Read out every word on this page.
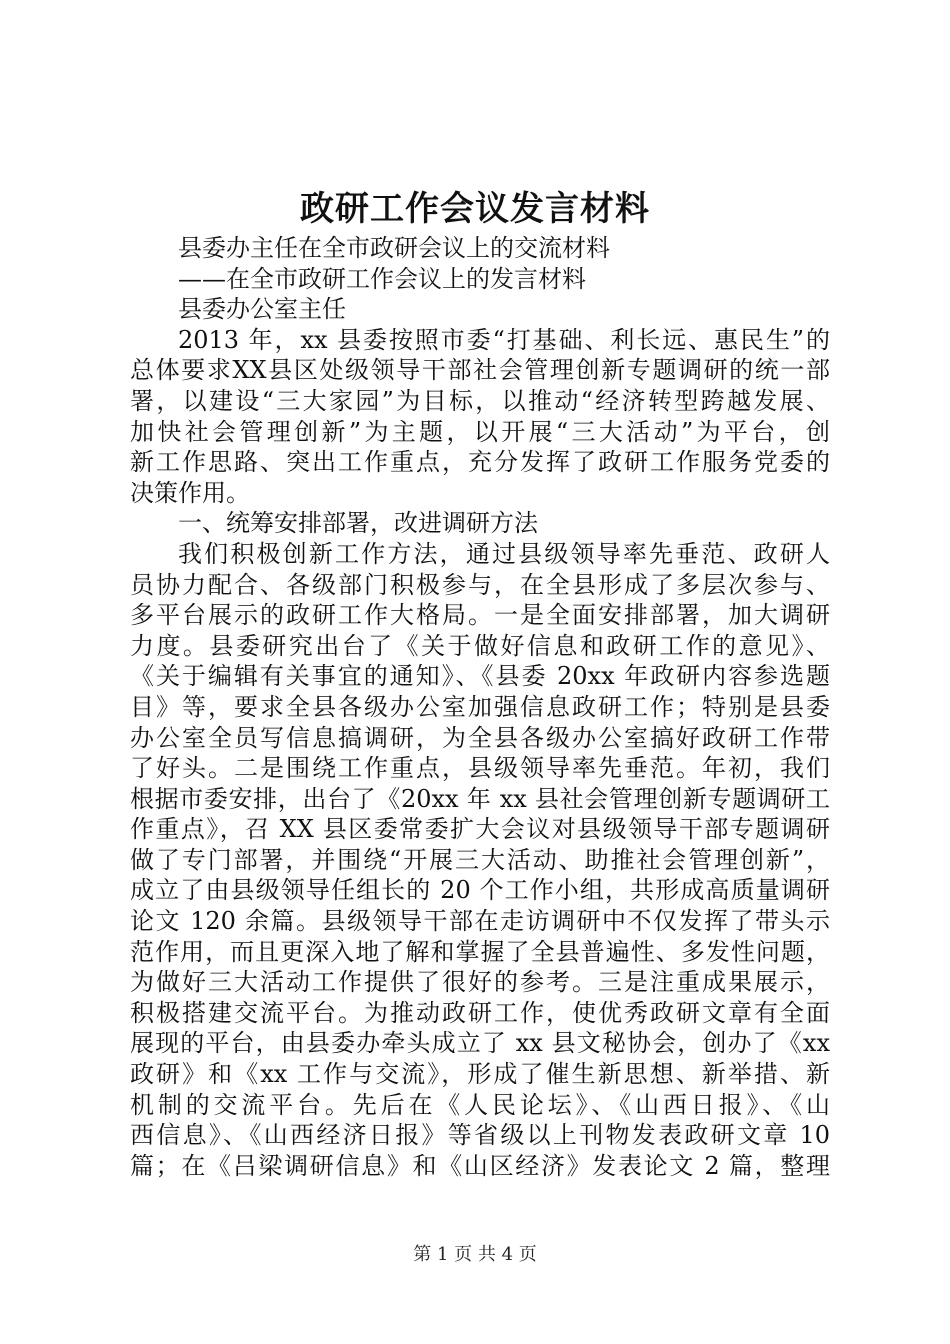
政研工作会议发言材料
县委办主任在全市政研会议上的交流材料
——在全市政研工作会议上的发言材料
县委办公室主任
2013 年，xx 县委按照市委“打基础、利长远、惠民生”的
总体要求XX县区处级领导干部社会管理创新专题调研的统一部
署，以建设“三大家园”为目标，以推动“经济转型跨越发展、
加快社会管理创新”为主题，以开展“三大活动”为平台，创
新工作思路、突出工作重点，充分发挥了政研工作服务党委的
决策作用。
一、统筹安排部署，改进调研方法
我们积极创新工作方法，通过县级领导率先垂范、政研人
员协力配合、各级部门积极参与，在全县形成了多层次参与、
多平台展示的政研工作大格局。一是全面安排部署，加大调研
力度。县委研究出台了《关于做好信息和政研工作的意见》、
《关于编辑有关事宜的通知》、《县委 20xx 年政研内容参选题
目》等，要求全县各级办公室加强信息政研工作；特别是县委
办公室全员写信息搞调研，为全县各级办公室搞好政研工作带
了好头。二是围绕工作重点，县级领导率先垂范。年初，我们
根据市委安排，出台了《20xx 年 xx 县社会管理创新专题调研工
作重点》，召 XX 县区委常委扩大会议对县级领导干部专题调研
做了专门部署，并围绕“开展三大活动、助推社会管理创新”，
成立了由县级领导任组长的 20 个工作小组，共形成高质量调研
论文 120 余篇。县级领导干部在走访调研中不仅发挥了带头示
范作用，而且更深入地了解和掌握了全县普遍性、多发性问题，
为做好三大活动工作提供了很好的参考。三是注重成果展示，
积极搭建交流平台。为推动政研工作，使优秀政研文章有全面
展现的平台，由县委办牵头成立了 xx 县文秘协会，创办了《xx
政研》和《xx 工作与交流》，形成了催生新思想、新举措、新
机制的交流平台。先后在《人民论坛》、《山西日报》、《山
西信息》、《山西经济日报》等省级以上刊物发表政研文章 10
篇；在《吕梁调研信息》和《山区经济》发表论文 2 篇，整理
第 1 页 共 4 页
